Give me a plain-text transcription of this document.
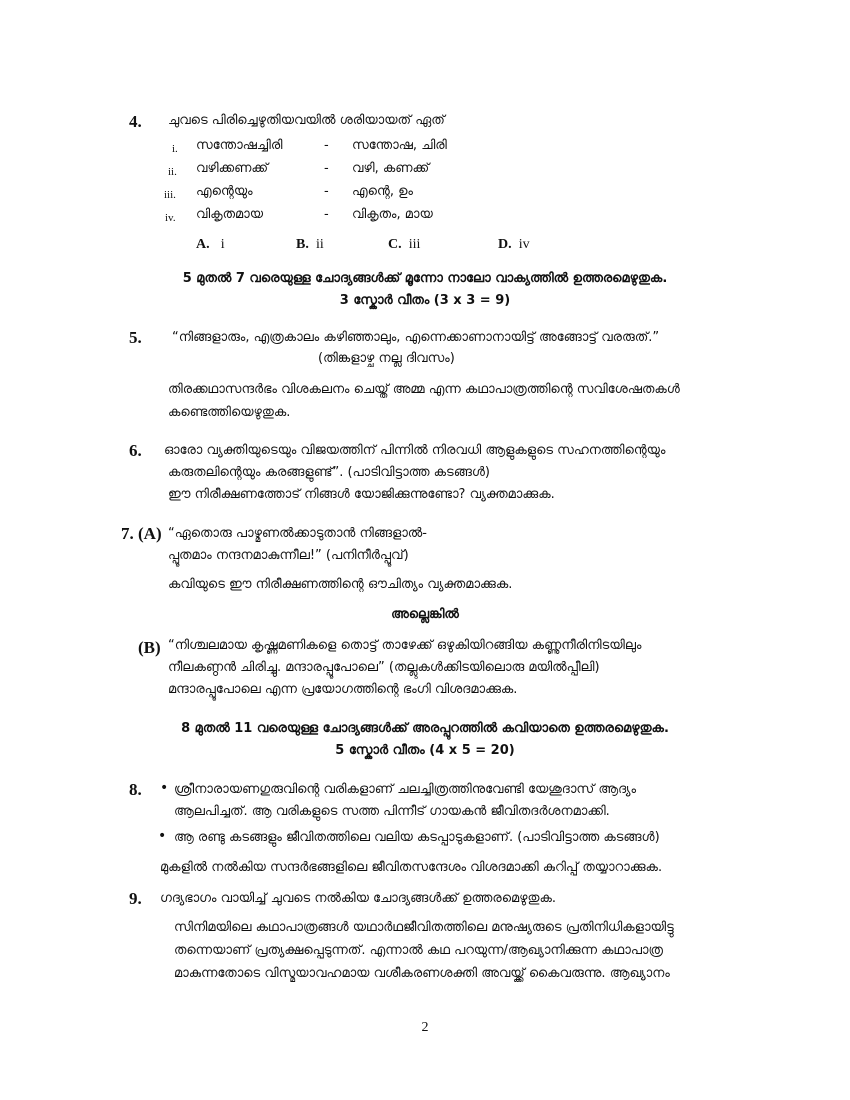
4. ചുവടെ പിരിച്ചെഴുതിയവയിൽ ശരിയായത് ഏത്
i. സന്തോഷച്ചിരി	- സന്തോഷ, ചിരി
ii. വഴിക്കണക്ക്	- വഴി, കണക്ക്
iii. എന്റെയും	- എന്റെ, ഉം
iv. വികൃതമായ	- വികൃതം, മായ
A. i	B. ii	C. iii	D. iv
5 മുതൽ 7 വരെയുള്ള ചോദ്യങ്ങൾക്ക് മൂന്നോ നാലോ വാക്യത്തിൽ ഉത്തരമെഴുതുക.
3 സ്കോർ വീതം (3 x 3 = 9)
5. “നിങ്ങളാരും, എത്രകാലം കഴിഞ്ഞാലും, എന്നെക്കാണാനായിട്ട് അങ്ങോട്ട് വരരുത്.”
(തിങ്കളാഴ്ച നല്ല ദിവസം)
തിരക്കഥാസന്ദർഭം വിശകലനം ചെയ്ത് അമ്മ എന്ന കഥാപാത്രത്തിന്റെ സവിശേഷതകൾ
കണ്ടെത്തിയെഴുതുക.
6. ഓരോ വ്യക്തിയുടെയും വിജയത്തിന് പിന്നിൽ നിരവധി ആളുകളുടെ സഹനത്തിന്റെയും
കരുതലിന്റെയും കരങ്ങളുണ്ട്”. (പാടിവിട്ടാത്ത കടങ്ങൾ)
ഈ നിരീക്ഷണത്തോട് നിങ്ങൾ യോജിക്കുന്നുണ്ടോ? വ്യക്തമാക്കുക.
7. (A) “ഏതൊരു പാഴ്മണൽക്കാടുതാൻ നിങ്ങളാൽ-
പ്പൂതമാം നന്ദനമാകുന്നീല!” (പനിനീർപ്പൂവ്)
കവിയുടെ ഈ നിരീക്ഷണത്തിന്റെ ഔചിത്യം വ്യക്തമാക്കുക.
അല്ലെങ്കിൽ
(B) “നിശ്ചലമായ കൃഷ്ണമണികളെ തൊട്ട് താഴേക്ക് ഒഴുകിയിറങ്ങിയ കണ്ണുനീരിനിടയിലും
നീലകണ്ഠൻ ചിരിച്ചു. മന്ദാരപ്പൂപോലെ” (തല്ലുകൾക്കിടയിലൊരു മയിൽപ്പീലി)
മന്ദാരപ്പൂപോലെ എന്ന പ്രയോഗത്തിന്റെ ഭംഗി വിശദമാക്കുക.
8 മുതൽ 11 വരെയുള്ള ചോദ്യങ്ങൾക്ക് അരപ്പുറത്തിൽ കവിയാതെ ഉത്തരമെഴുതുക.
5 സ്കോർ വീതം (4 x 5 = 20)
8. • ശ്രീനാരായണഗുരുവിന്റെ വരികളാണ് ചലച്ചിത്രത്തിനുവേണ്ടി യേശുദാസ് ആദ്യം
ആലപിച്ചത്. ആ വരികളുടെ സത്ത പിന്നീട് ഗായകൻ ജീവിതദർശനമാക്കി.
• ആ രണ്ടു കടങ്ങളും ജീവിതത്തിലെ വലിയ കടപ്പാടുകളാണ്. (പാടിവിട്ടാത്ത കടങ്ങൾ)
മുകളിൽ നൽകിയ സന്ദർഭങ്ങളിലെ ജീവിതസന്ദേശം വിശദമാക്കി കുറിപ്പ് തയ്യാറാക്കുക.
9. ഗദ്യഭാഗം വായിച്ച് ചുവടെ നൽകിയ ചോദ്യങ്ങൾക്ക് ഉത്തരമെഴുതുക.
സിനിമയിലെ കഥാപാത്രങ്ങൾ യഥാർഥജീവിതത്തിലെ മനുഷ്യരുടെ പ്രതിനിധികളായിട്ടു
തന്നെയാണ് പ്രത്യക്ഷപ്പെടുന്നത്. എന്നാൽ കഥ പറയുന്ന/ആഖ്യാനിക്കുന്ന കഥാപാത്ര
മാകുന്നതോടെ വിസ്മയാവഹമായ വശീകരണശക്തി അവയ്ക്ക് കൈവരുന്നു. ആഖ്യാനം
2
